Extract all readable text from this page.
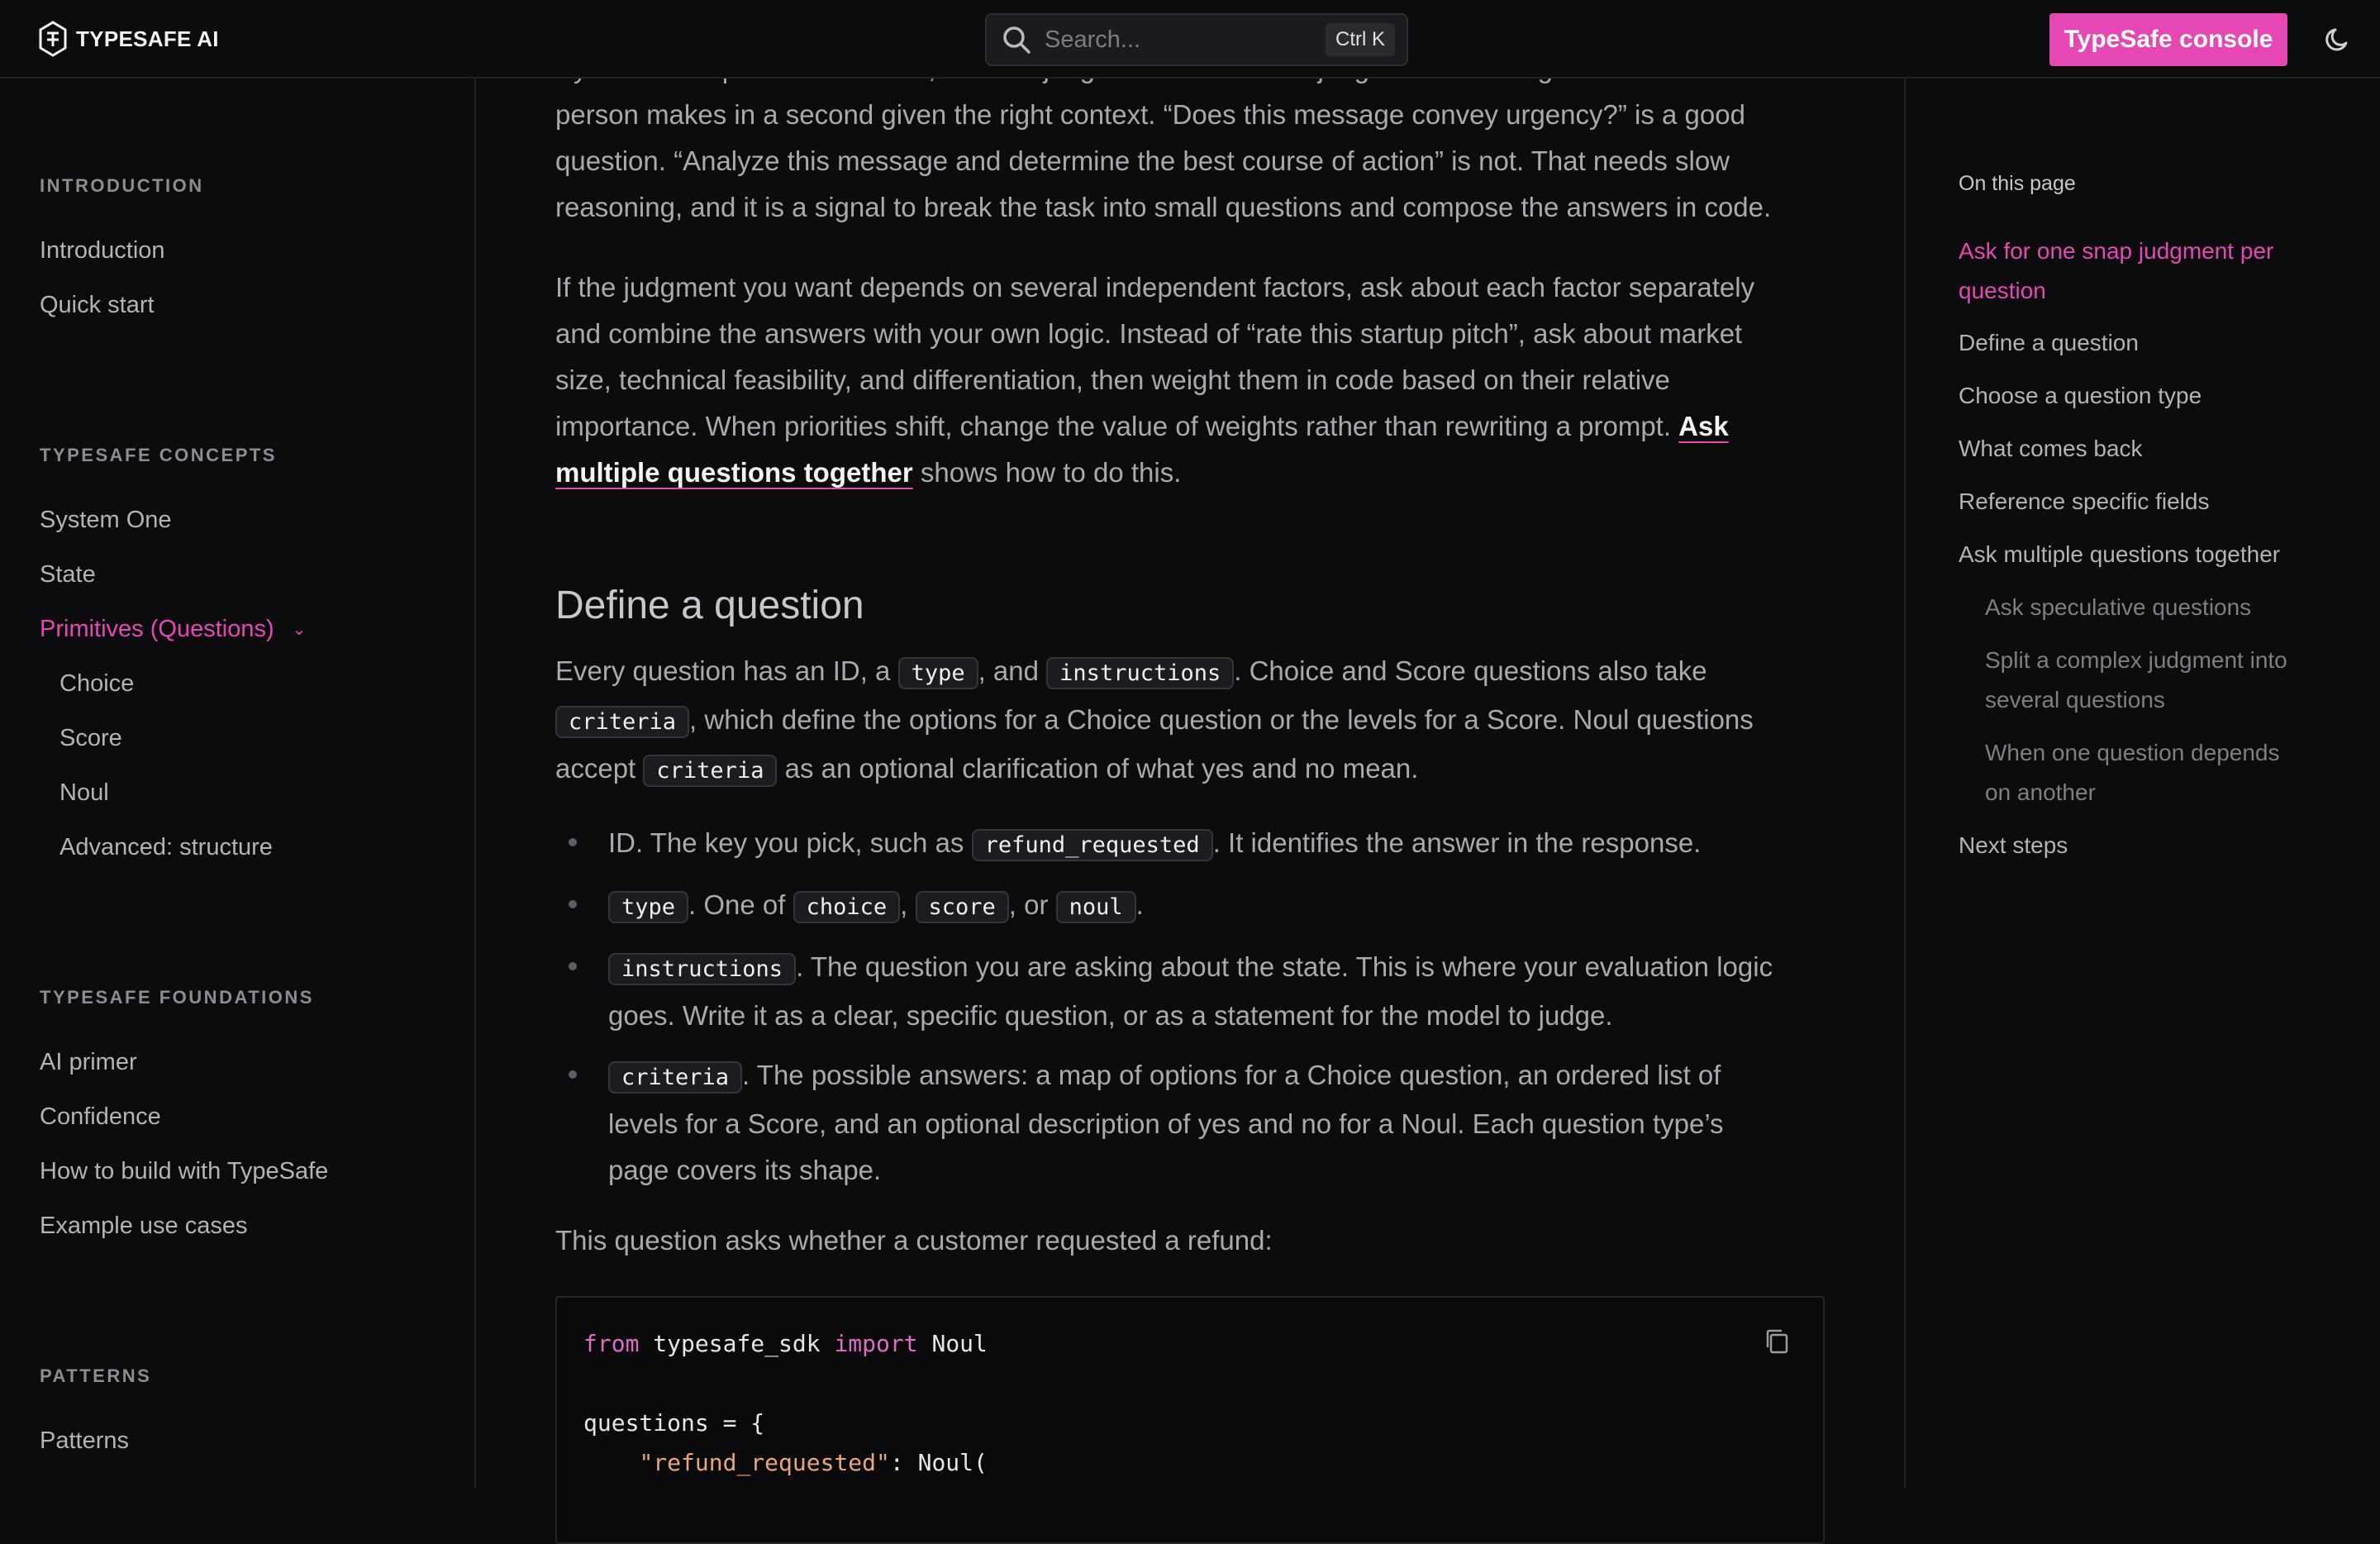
TYPESAFE AI	Search...	Ctrl K	TypeSafe console
INTRODUCTION
Introduction
Quick start
TYPESAFE CONCEPTS
System One
State
Primitives (Questions) ⌄
Choice
Score
Noul
Advanced: structure
TYPESAFE FOUNDATIONS
AI primer
Confidence
How to build with TypeSafe
Example use cases
PATTERNS
Patterns

person makes in a second given the right context. “Does this message convey urgency?” is a good

question. “Analyze this message and determine the best course of action” is not. That needs slow

reasoning, and it is a signal to break the task into small questions and compose the answers in code.

If the judgment you want depends on several independent factors, ask about each factor separately

and combine the answers with your own logic. Instead of “rate this startup pitch”, ask about market

size, technical feasibility, and differentiation, then weight them in code based on their relative

importance. When priorities shift, change the value of weights rather than rewriting a prompt. Ask

multiple questions together shows how to do this.

Define a question

Every question has an ID, a type , and instructions . Choice and Score questions also take

criteria , which define the options for a Choice question or the levels for a Score. Noul questions

accept criteria as an optional clarification of what yes and no mean.

ID. The key you pick, such as refund_requested . It identifies the answer in the response.
type . One of choice , score , or noul .
instructions . The question you are asking about the state. This is where your evaluation logic
goes. Write it as a clear, specific question, or as a statement for the model to judge.
criteria . The possible answers: a map of options for a Choice question, an ordered list of
levels for a Score, and an optional description of yes and no for a Noul. Each question type’s
page covers its shape.

This question asks whether a customer requested a refund:

from typesafe_sdk import Noul
questions = {
"refund_requested": Noul(
On this page
Ask for one snap judgment per
question
Define a question
Choose a question type
What comes back
Reference specific fields
Ask multiple questions together
Ask speculative questions
Split a complex judgment into
several questions
When one question depends
on another
Next steps
